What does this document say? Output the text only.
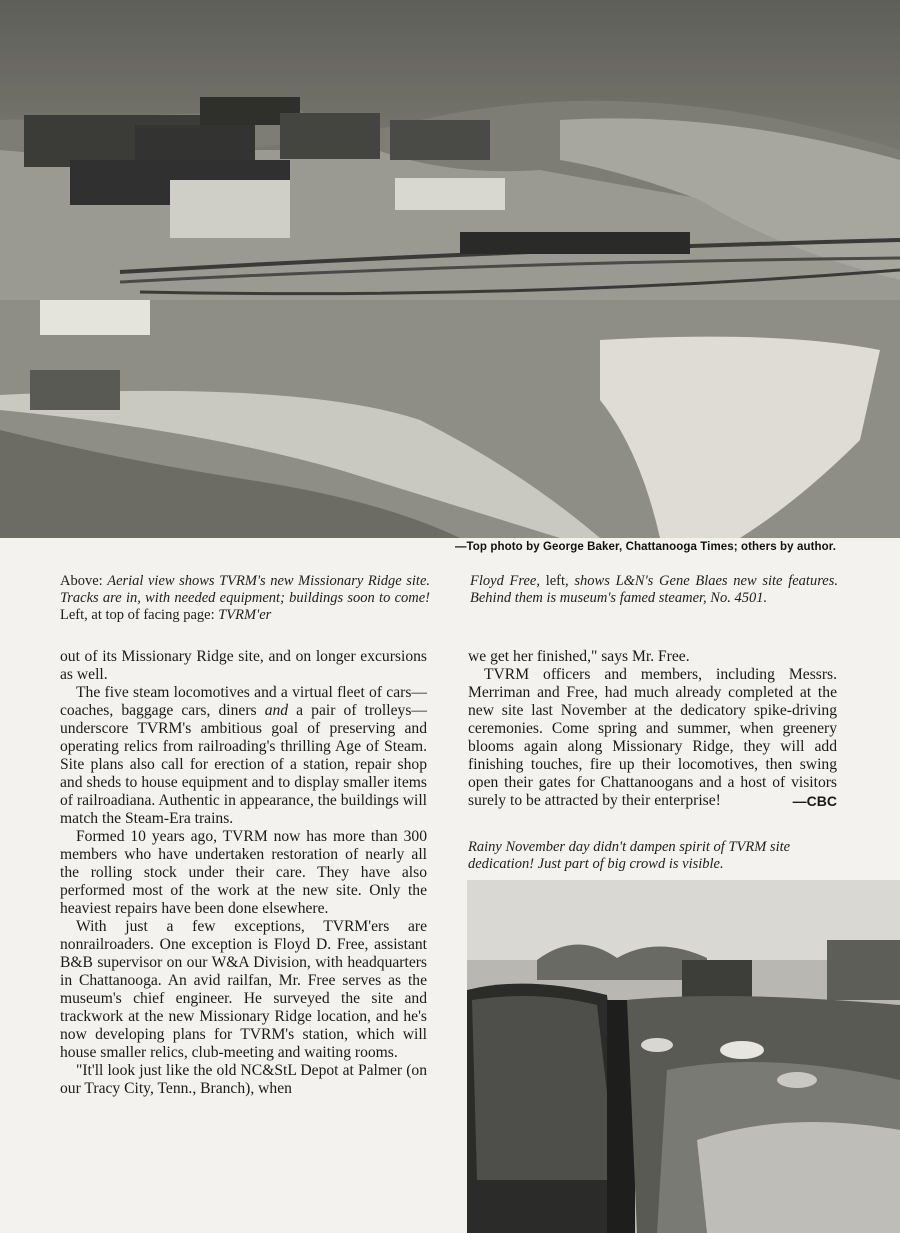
—Top photo by George Baker, Chattanooga Times; others by author.
Above: Aerial view shows TVRM's new Missionary Ridge site. Tracks are in, with needed equipment; buildings soon to come! Left, at top of facing page: TVRM'er
Floyd Free, left, shows L&N's Gene Blaes new site features. Behind them is museum's famed steamer, No. 4501.

out of its Missionary Ridge site, and on longer excursions as well.

The five steam locomotives and a virtual fleet of cars—coaches, baggage cars, diners and a pair of trolleys—underscore TVRM's ambitious goal of preserving and operating relics from railroading's thrilling Age of Steam. Site plans also call for erection of a station, repair shop and sheds to house equipment and to display smaller items of railroadiana. Authentic in appearance, the buildings will match the Steam-Era trains.

Formed 10 years ago, TVRM now has more than 300 members who have undertaken restoration of nearly all the rolling stock under their care. They have also performed most of the work at the new site. Only the heaviest repairs have been done elsewhere.

With just a few exceptions, TVRM'ers are nonrailroaders. One exception is Floyd D. Free, assistant B&B supervisor on our W&A Division, with headquarters in Chattanooga. An avid railfan, Mr. Free serves as the museum's chief engineer. He surveyed the site and trackwork at the new Missionary Ridge location, and he's now developing plans for TVRM's station, which will house smaller relics, club-meeting and waiting rooms.

"It'll look just like the old NC&StL Depot at Palmer (on our Tracy City, Tenn., Branch), when

we get her finished," says Mr. Free.

TVRM officers and members, including Messrs. Merriman and Free, had much already completed at the new site last November at the dedicatory spike-driving ceremonies. Come spring and summer, when greenery blooms again along Missionary Ridge, they will add finishing touches, fire up their locomotives, then swing open their gates for Chattanoogans and a host of visitors surely to be attracted by their enterprise!	—CBC

Rainy November day didn't dampen spirit of TVRM site dedication! Just part of big crowd is visible.
